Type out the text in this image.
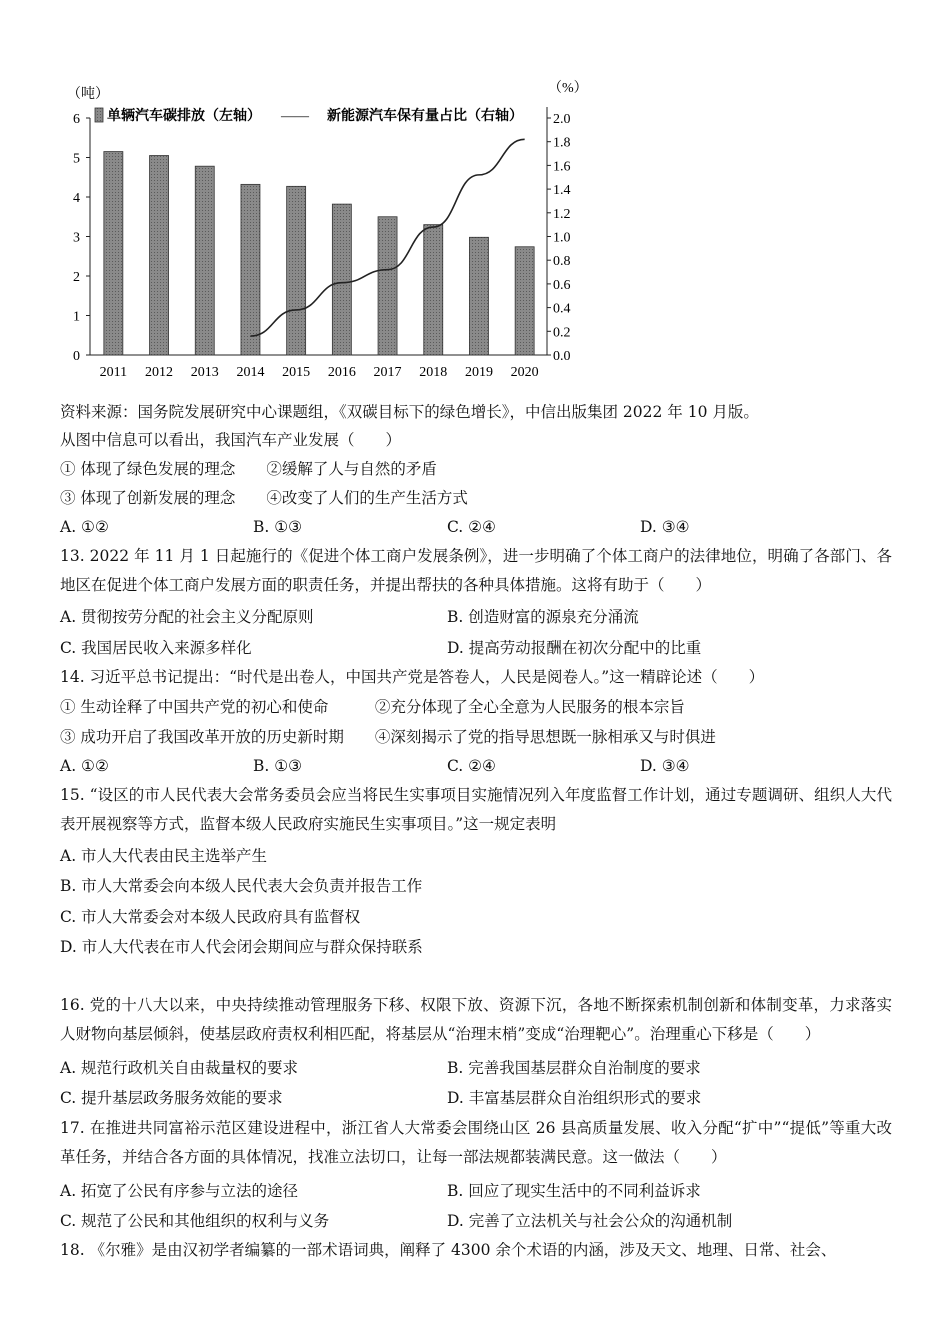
（吨）	（%）
0
1
2
3
4
5
6
0.0
0.2
0.4
0.6
0.8
1.0
1.2
1.4
1.6
1.8
2.0
2011 2012 2013 2014 2015 2016 2017 2018 2019 2020
单辆汽车碳排放（左轴） —— 新能源汽车保有量占比（右轴）
资料来源：国务院发展研究中心课题组，《双碳目标下的绿色增长》，中信出版集团 2022 年 10 月版。
从图中信息可以看出，我国汽车产业发展（　　）
① 体现了绿色发展的理念　　②缓解了人与自然的矛盾
③ 体现了创新发展的理念　　④改变了人们的生产生活方式
A. ①②	B. ①③	C. ②④	D. ③④
13. 2022 年 11 月 1 日起施行的《促进个体工商户发展条例》，进一步明确了个体工商户的法律地位，明确了各部门、各地区在促进个体工商户发展方面的职责任务，并提出帮扶的各种具体措施。这将有助于（　　）
A. 贯彻按劳分配的社会主义分配原则	B. 创造财富的源泉充分涌流
C. 我国居民收入来源多样化	D. 提高劳动报酬在初次分配中的比重
14. 习近平总书记提出：“时代是出卷人，中国共产党是答卷人，人民是阅卷人。”这一精辟论述（　　）
① 生动诠释了中国共产党的初心和使命　　　②充分体现了全心全意为人民服务的根本宗旨
③ 成功开启了我国改革开放的历史新时期　　④深刻揭示了党的指导思想既一脉相承又与时俱进
A. ①②	B. ①③	C. ②④	D. ③④
15. “设区的市人民代表大会常务委员会应当将民生实事项目实施情况列入年度监督工作计划，通过专题调研、组织人大代表开展视察等方式，监督本级人民政府实施民生实事项目。”这一规定表明
A. 市人大代表由民主选举产生
B. 市人大常委会向本级人民代表大会负责并报告工作
C. 市人大常委会对本级人民政府具有监督权
D. 市人大代表在市人代会闭会期间应与群众保持联系
16. 党的十八大以来，中央持续推动管理服务下移、权限下放、资源下沉，各地不断探索机制创新和体制变革，力求落实人财物向基层倾斜，使基层政府责权利相匹配，将基层从“治理末梢”变成“治理靶心”。治理重心下移是（　　）
A. 规范行政机关自由裁量权的要求	B. 完善我国基层群众自治制度的要求
C. 提升基层政务服务效能的要求	D. 丰富基层群众自治组织形式的要求
17. 在推进共同富裕示范区建设进程中，浙江省人大常委会围绕山区 26 县高质量发展、收入分配“扩中”“提低”等重大改革任务，并结合各方面的具体情况，找准立法切口，让每一部法规都装满民意。这一做法（　　）
A. 拓宽了公民有序参与立法的途径	B. 回应了现实生活中的不同利益诉求
C. 规范了公民和其他组织的权利与义务	D. 完善了立法机关与社会公众的沟通机制
18. 《尔雅》是由汉初学者编纂的一部术语词典，阐释了 4300 余个术语的内涵，涉及天文、地理、日常、社会、
